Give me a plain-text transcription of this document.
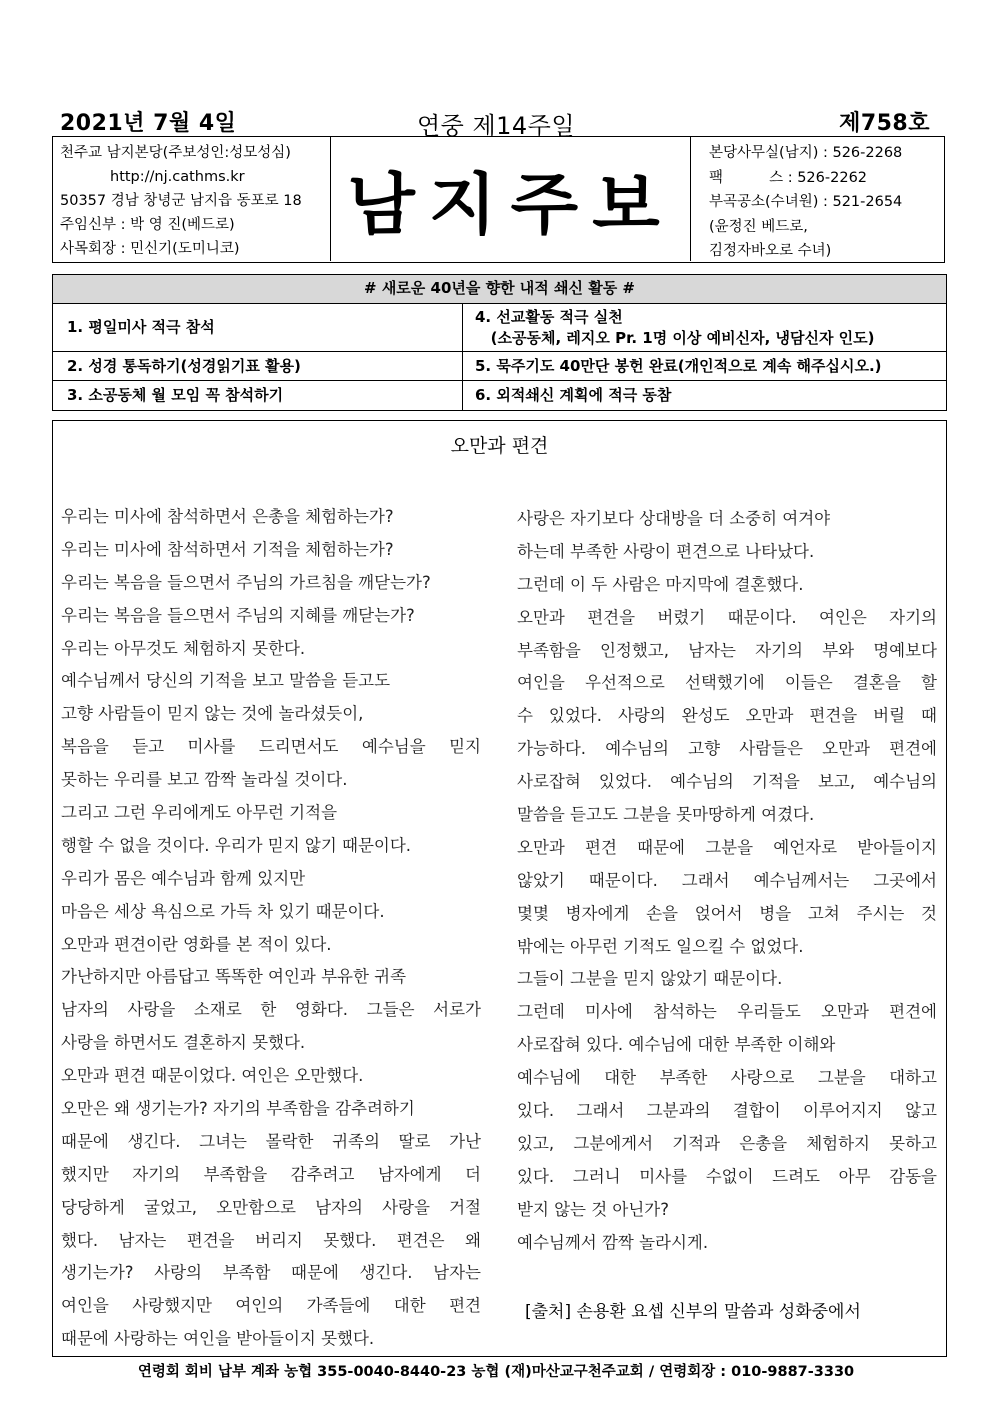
2021년 7월 4일	연중 제14주일	제758호
천주교 남지본당(주보성인:성모성심)
http://nj.cathms.kr
50357 경남 창녕군 남지읍 동포로 18
주임신부 : 박 영 진(베드로)
사목회장 : 민신기(도미니코)
남지주보
본당사무실(남지) : 526-2268
팩          스 : 526-2262
부곡공소(수녀원) : 521-2654
(윤정진 베드로,
김정자바오로 수녀)
# 새로운 40년을 향한 내적 쇄신 활동 #
1. 평일미사 적극 참석
2. 성경 통독하기(성경읽기표 활용)
3. 소공동체 월 모임 꼭 참석하기
4. 선교활동 적극 실천
(소공동체, 레지오 Pr. 1명 이상 예비신자, 냉담신자 인도)
5. 묵주기도 40만단 봉헌 완료(개인적으로 계속 해주십시오.)
6. 외적쇄신 계획에 적극 동참
오만과 편견

우리는 미사에 참석하면서 은총을 체험하는가?

우리는 미사에 참석하면서 기적을 체험하는가?

우리는 복음을 들으면서 주님의 가르침을 깨닫는가?

우리는 복음을 들으면서 주님의 지혜를 깨닫는가?

우리는 아무것도 체험하지 못한다.

예수님께서 당신의 기적을 보고 말씀을 듣고도

고향 사람들이 믿지 않는 것에 놀라셨듯이,

복음을 듣고 미사를 드리면서도 예수님을 믿지

못하는 우리를 보고 깜짝 놀라실 것이다.

그리고 그런 우리에게도 아무런 기적을

행할 수 없을 것이다. 우리가 믿지 않기 때문이다.

우리가 몸은 예수님과 함께 있지만

마음은 세상 욕심으로 가득 차 있기 때문이다.

오만과 편견이란 영화를 본 적이 있다.

가난하지만 아름답고 똑똑한 여인과 부유한 귀족

남자의 사랑을 소재로 한 영화다. 그들은 서로가

사랑을 하면서도 결혼하지 못했다.

오만과 편견 때문이었다. 여인은 오만했다.

오만은 왜 생기는가? 자기의 부족함을 감추려하기

때문에 생긴다. 그녀는 몰락한 귀족의 딸로 가난

했지만 자기의 부족함을 감추려고 남자에게 더

당당하게 굴었고, 오만함으로 남자의 사랑을 거절

했다. 남자는 편견을 버리지 못했다. 편견은 왜

생기는가? 사랑의 부족함 때문에 생긴다. 남자는

여인을 사랑했지만 여인의 가족들에 대한 편견

때문에 사랑하는 여인을 받아들이지 못했다.

사랑은 자기보다 상대방을 더 소중히 여겨야

하는데 부족한 사랑이 편견으로 나타났다.

그런데 이 두 사람은 마지막에 결혼했다.

오만과 편견을 버렸기 때문이다. 여인은 자기의

부족함을 인정했고, 남자는 자기의 부와 명예보다

여인을 우선적으로 선택했기에 이들은 결혼을 할

수 있었다. 사랑의 완성도 오만과 편견을 버릴 때

가능하다. 예수님의 고향 사람들은 오만과 편견에

사로잡혀 있었다. 예수님의 기적을 보고, 예수님의

말씀을 듣고도 그분을 못마땅하게 여겼다.

오만과 편견 때문에 그분을 예언자로 받아들이지

않았기 때문이다. 그래서 예수님께서는 그곳에서

몇몇 병자에게 손을 얹어서 병을 고쳐 주시는 것

밖에는 아무런 기적도 일으킬 수 없었다.

그들이 그분을 믿지 않았기 때문이다.

그런데 미사에 참석하는 우리들도 오만과 편견에

사로잡혀 있다. 예수님에 대한 부족한 이해와

예수님에 대한 부족한 사랑으로 그분을 대하고

있다. 그래서 그분과의 결합이 이루어지지 않고

있고, 그분에게서 기적과 은총을 체험하지 못하고

있다. 그러니 미사를 수없이 드려도 아무 감동을

받지 않는 것 아닌가?

예수님께서 깜짝 놀라시게.

[출처] 손용환 요셉 신부의 말씀과 성화중에서
연령회 회비 납부 계좌 농협 355-0040-8440-23 농협 (재)마산교구천주교회 / 연령회장 : 010-9887-3330
